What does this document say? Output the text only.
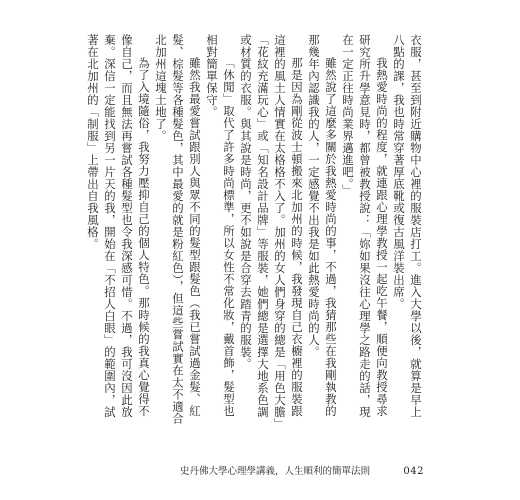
衣服，甚至到附近購物中心裡的服裝店打工。進入大學以後，就算是早上八點的課，我也時常穿著厚底靴或復古風洋裝出席。

我熱愛時尚的程度，就連跟心理學教授一起吃午餐，順便向教授尋求研究所升學意見時，都曾被教授說：「妳如果沒往心理學之路走的話，現在一定正往時尚業界邁進吧。」

雖然說了這麼多關於我熱愛時尚的事，不過，我猜那些在我剛執教的那幾年內認識我的人，一定感覺不出我是如此熱愛時尚的人。

那是因為剛從波士頓搬來北加州的時候，我發現自己衣櫥裡的服裝跟這裡的風土人情實在太格格不入了。加州的女人們身穿的總是「用色大膽」「花紋充滿玩心」或「知名設計品牌」等服裝，她們總是選擇大地系色調或材質的衣服。與其說是時尚，更不如說是合穿去踏青的服裝。

「休閒」取代了許多時尚標準，所以女性不常化妝，戴首飾，髮型也相對簡單保守。

雖然我最愛嘗試跟別人與眾不同的髮型跟髮色（我已嘗試過金髮、紅髮、棕髮等各種髮色，其中最愛的就是粉紅色），但這些嘗試實在太不適合北加州這塊土地了。

為了入境隨俗，我努力壓抑自己的個人特色。那時候的我真心覺得不像自己，而且無法再嘗試各種髮型也令我深感可惜。不過，我可沒因此放棄。深信一定能找到另一片天的我，開始在「不招人白眼」的範圍內，試著在北加州的「制服」上帶出自我風格。

史丹佛大學心理學講義，人生順利的簡單法則	042
